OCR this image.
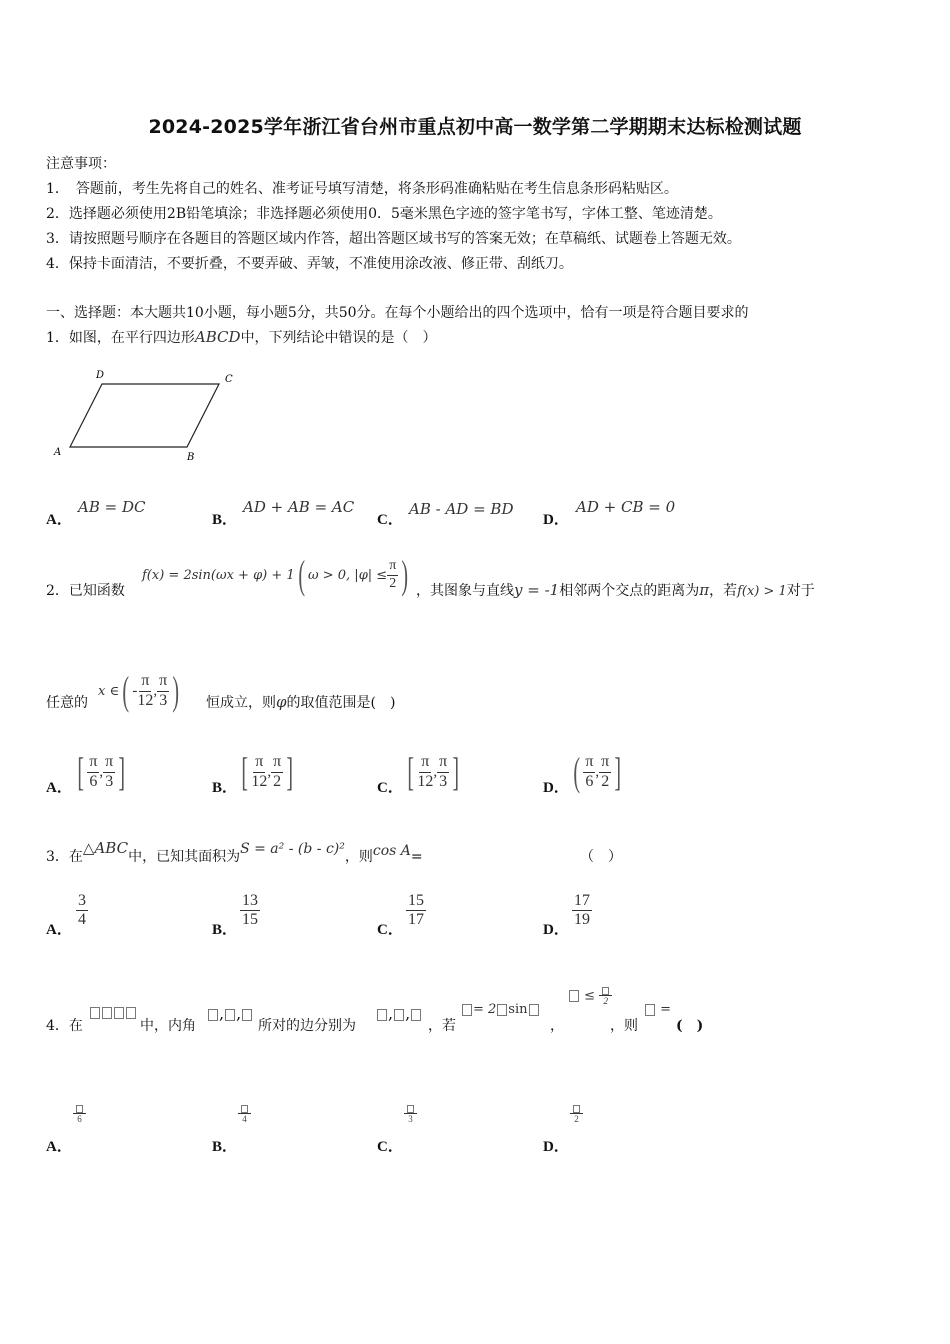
2024-2025学年浙江省台州市重点初中高一数学第二学期期末达标检测试题
注意事项：
1．　答题前，考生先将自己的姓名、准考证号填写清楚，将条形码准确粘贴在考生信息条形码粘贴区。
2．选择题必须使用2B铅笔填涂；非选择题必须使用0．5毫米黑色字迹的签字笔书写，字体工整、笔迹清楚。
3．请按照题号顺序在各题目的答题区域内作答，超出答题区域书写的答案无效；在草稿纸、试题卷上答题无效。
4．保持卡面清洁，不要折叠，不要弄破、弄皱，不准使用涂改液、修正带、刮纸刀。
一、选择题：本大题共10小题，每小题5分，共50分。在每个小题给出的四个选项中，恰有一项是符合题目要求的
1．如图，在平行四边形ABCD中，下列结论中错误的是（　）
D	C
A	B
A．
AB = DC
B．
AD + AB = AC
C．
AB - AD = BD
D．
AD + CB = 0
2．已知函数
f(x) = 2sin(ωx + φ) + 1 ( ω > 0, $|\varphi| \le \frac{\pi}{2}$ ) ，其图象与直线y = -1相邻两个交点的距离为π，若f(x) > 1对于
任意的
x ∈ ( - $\frac{\pi}{12}$ , $\frac{\pi}{3}$ ) 恒成立，则φ的取值范围是(　)
A． [ $\frac{\pi}{6}$ , $\frac{\pi}{3}$ ]	B． [ $\frac{\pi}{12}$ , $\frac{\pi}{2}$ ]	C． [ $\frac{\pi}{12}$ , $\frac{\pi}{3}$ ]	D． ( $\frac{\pi}{6}$ , $\frac{\pi}{2}$ ]
3．在△ABC中，已知其面积为S = a² - (b - c)²，则cos A=	（　）
A．
$\frac{3}{4}$
B．
$\frac{13}{15}$
C．
$\frac{15}{17}$
D．
$\frac{17}{19}$
4．在	中，内角
, ,
所对的边分别为
, ,
，若
= 2 sin
，
≤ 2
，则
=
(　)
A．
6
B．
4
C．
3
D．
2
